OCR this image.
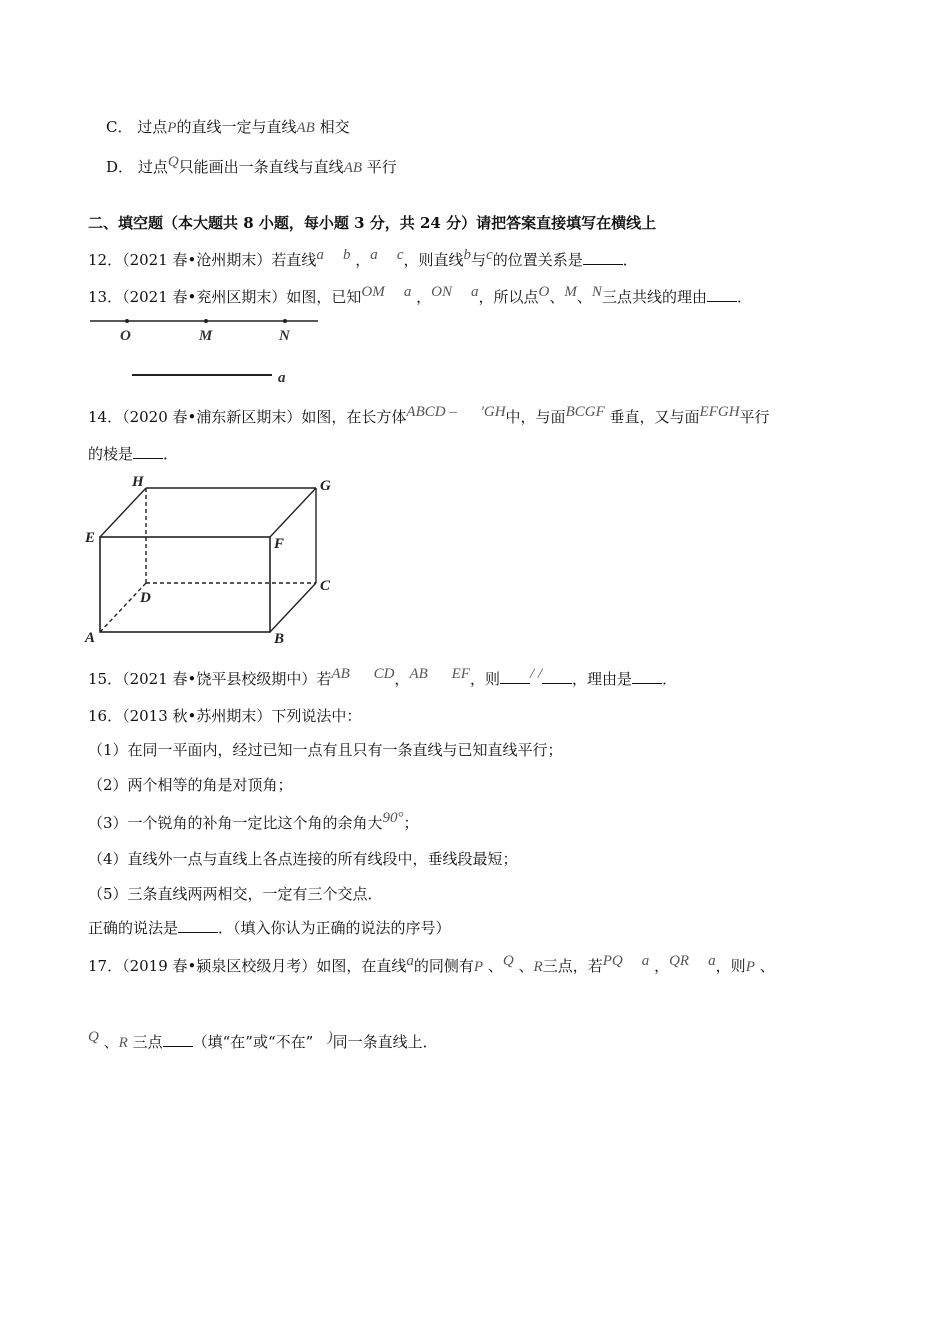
C． 过点P的直线一定与直线AB 相交
D． 过点Q只能画出一条直线与直线AB 平行
二、填空题（本大题共 8 小题，每小题 3 分，共 24 分）请把答案直接填写在横线上
12．（2021 春•沧州期末）若直线a b ，a c，则直线b与c的位置关系是	．
13．（2021 春•兖州区期末）如图，已知OM a ，ON a，所以点O、M、N三点共线的理由 ．
O	M	N
a
14．（2020 春•浦东新区期末）如图，在长方体ABCD – 'GH中，与面BCGF 垂直，又与面EFGH平行
的棱是 ．
H	G
E	F
C
D
A	B
15．（2021 春•饶平县校级期中）若AB CD，AB EF，则 / / ，理由是 ．
16．（2013 秋•苏州期末）下列说法中：
（1）在同一平面内，经过已知一点有且只有一条直线与已知直线平行；
（2）两个相等的角是对顶角；
（3）一个锐角的补角一定比这个角的余角大90°；
（4）直线外一点与直线上各点连接的所有线段中，垂线段最短；
（5）三条直线两两相交，一定有三个交点．
正确的说法是	．（填入你认为正确的说法的序号）
17．（2019 春•颍泉区校级月考）如图，在直线a的同侧有P 、Q 、R三点，若PQ a ，QR a，则P 、
Q 、R 三点 （填“在”或“不在” )同一条直线上．
